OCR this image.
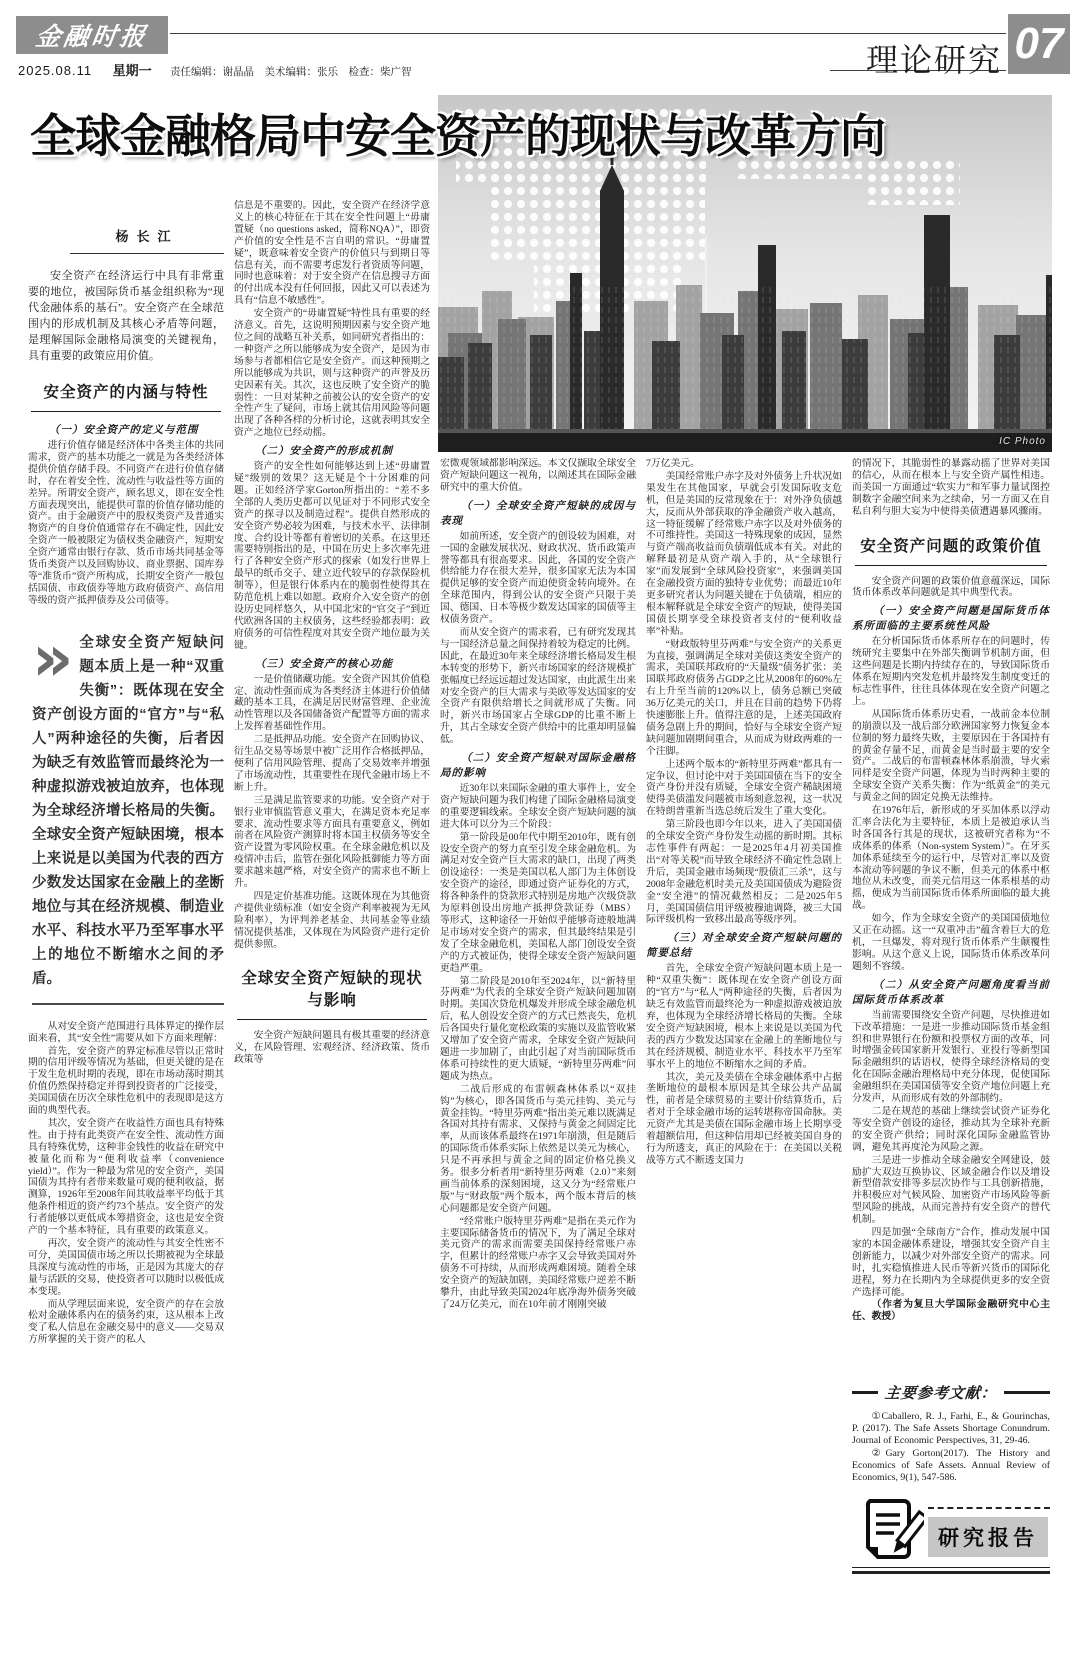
金融时报
理论研究 07
2025.08.11 星期一 责任编辑：谢晶晶　美术编辑：张乐　检查：柴广智
IC Photo
全球金融格局中安全资产的现状与改革方向
杨长江
安全资产在经济运行中具有非常重要的地位，被国际货币基金组织称为“现代金融体系的基石”。安全资产在全球范围内的形成机制及其核心矛盾等问题，是理解国际金融格局演变的关键视角，具有重要的政策应用价值。
安全资产的内涵与特性
（一）安全资产的定义与范围

进行价值存储是经济体中各类主体的共同需求，资产的基本功能之一就是为各类经济体提供价值存储手段。不同资产在进行价值存储时，存在着安全性、流动性与收益性等方面的差异。所谓安全资产，顾名思义，即在安全性方面表现突出，能提供可靠的价值存储功能的资产。由于金融资产中的股权类资产及普通实物资产的自身价值通常存在不确定性，因此安全资产一般被限定为债权类金融资产，短期安全资产通常由银行存款、货币市场共同基金等货币类资产以及回购协议、商业票据、国库券等“准货币”资产所构成，长期安全资产一般包括国债、市政债券等地方政府债资产、高信用等级的资产抵押债券及公司债等。

» 全球安全资产短缺问题本质上是一种“双重失衡”：既体现在安全资产创设方面的“官方”与“私人”两种途径的失衡，后者因为缺乏有效监管而最终沦为一种虚拟游戏被迫放弃，也体现为全球经济增长格局的失衡。全球安全资产短缺困境，根本上来说是以美国为代表的西方少数发达国家在金融上的垄断地位与其在经济规模、制造业水平、科技水平乃至军事水平上的地位不断缩水之间的矛盾。

从对安全资产范围进行具体界定的操作层面来看，其“安全性”需要从如下方面来理解：

首先，安全资产的界定标准尽管以正常时期的信用评级等情况为基础，但更关键的是在于发生危机时期的表现，即在市场动荡时期其价值仍然保持稳定并得到投资者的广泛接受，美国国债在历次全球性危机中的表现即是这方面的典型代表。

其次，安全资产在收益性方面也具有特殊性。由于持有此类资产在安全性、流动性方面具有特殊优势，这种非金钱性的收益在研究中被量化而称为“便利收益率（convenience yield）”。作为一种最为常见的安全资产，美国国债为其持有者带来数量可观的便利收益，据测算，1926年至2008年间其收益率平均低于其他条件相近的资产约73个基点。安全资产的发行者能够以更低成本筹措资金，这也是安全资产的一个基本特征，具有重要的政策意义。

再次，安全资产的流动性与其安全性密不可分，美国国债市场之所以长期被视为全球最具深度与流动性的市场，正是因为其庞大的存量与活跃的交易，使投资者可以随时以极低成本变现。

而从学理层面来说，安全资产的存在会放松对金融体系内在的债务约束，这从根本上改变了私人信息在金融交易中的意义——交易双方所掌握的关于资产的私人

信息是不重要的。因此，安全资产在经济学意义上的核心特征在于其在安全性问题上“毋庸置疑（no questions asked，简称NQA）”，即资产价值的安全性是不言自明的常识。“毋庸置疑”，既意味着安全资产的价值只与到期日等信息有关，而不需要考虑发行者资质等问题，同时也意味着：对于安全资产在信息搜寻方面的付出成本没有任何回报，因此又可以表述为具有“信息不敏感性”。

安全资产的“毋庸置疑”特性具有重要的经济意义。首先，这说明预期因素与安全资产地位之间的战略互补关系，如同研究者指出的：一种资产之所以能够成为安全资产，是因为市场参与者都相信它是安全资产。而这种预期之所以能够成为共识，则与这种资产的声誉及历史因素有关。其次，这也反映了安全资产的脆弱性：一旦对某种之前被公认的安全资产的安全性产生了疑问，市场上就其信用风险等问题出现了各种各样的分析讨论，这就表明其安全资产之地位已经动摇。

（二）安全资产的形成机制

资产的安全性如何能够达到上述“毋庸置疑”级别的效果？这无疑是个十分困难的问题。正如经济学家Gorton所指出的：“差不多全部的人类历史都可以见证对于不同形式安全资产的探寻以及制造过程”。提供自然形成的安全资产势必较为困难，与技术水平、法律制度、合约设计等都有着密切的关系。在这里还需要特别指出的是，中国在历史上多次率先进行了各种安全资产形式的探索（如发行世界上最早的纸币交子、建立近代较早的存款保险机制等），但是银行体系内在的脆弱性使得其在防范危机上难以如愿。政府介入安全资产的创设历史同样悠久，从中国北宋的“官交子”到近代欧洲各国的主权债务，这些经验都表明：政府债务的可信性程度对其安全资产地位最为关键。

（三）安全资产的核心功能

一是价值储藏功能。安全资产因其价值稳定、流动性强而成为各类经济主体进行价值储藏的基本工具，在满足居民财富管理、企业流动性管理以及各国储备资产配置等方面的需求上发挥着基础性作用。

二是抵押品功能。安全资产在回购协议、衍生品交易等场景中被广泛用作合格抵押品，便利了信用风险管理、提高了交易效率并增强了市场流动性，其重要性在现代金融市场上不断上升。

三是满足监管要求的功能。安全资产对于银行业审慎监管意义重大，在满足资本充足率要求、流动性要求等方面具有重要意义，例如前者在风险资产测算时将本国主权债务等安全资产设置为零风险权重。在全球金融危机以及疫情冲击后，监管在强化风险抵御能力等方面要求越来越严格，对安全资产的需求也不断上升。

四是定价基准功能。这既体现在为其他资产提供业绩标准（如安全资产利率被视为无风险利率），为评判养老基金、共同基金等业绩情况提供基准，又体现在为风险资产进行定价提供参照。

全球安全资产短缺的现状与影响

安全资产短缺问题具有极其重要的经济意义，在风险管理、宏观经济、经济政策、货币政策等

宏微观领域都影响深远。本文仅撷取全球安全资产短缺问题这一视角，以阐述其在国际金融研究中的重大价值。

（一）全球安全资产短缺的成因与表现

如前所述，安全资产的创设较为困难，对一国的金融发展状况、财政状况、货币政策声誉等都具有很高要求。因此，各国的安全资产供给能力存在很大差异，很多国家无法为本国提供足够的安全资产而迫使资金转向境外。在全球范围内，得到公认的安全资产只限于美国、德国、日本等极少数发达国家的国债等主权债务资产。

而从安全资产的需求看，已有研究发现其与一国经济总量之间保持着较为稳定的比例。因此，在最近30年来全球经济增长格局发生根本转变的形势下，新兴市场国家的经济规模扩张幅度已经远远超过发达国家，由此派生出来对安全资产的巨大需求与美欧等发达国家的安全资产有限供给增长之间就形成了失衡。同时，新兴市场国家占全球GDP的比重不断上升，其占全球安全资产供给中的比重却明显偏低。

（二）安全资产短缺对国际金融格局的影响

近30年以来国际金融的重大事件上，安全资产短缺问题为我们构建了国际金融格局演变的重要逻辑线索。全球安全资产短缺问题的演进大体可以分为三个阶段：

第一阶段是00年代中期至2010年，既有创设安全资产的努力直至引发全球金融危机。为满足对安全资产巨大需求的缺口，出现了两类创设途径：一类是美国以私人部门为主体创设安全资产的途径，即通过资产证券化的方式，将各种条件的贷款形式特别是房地产次级贷款为原料创设出房地产抵押贷款证券（MBS）等形式，这种途径一开始似乎能够奇迹般地满足市场对安全资产的需求，但其最终结果是引发了全球金融危机，美国私人部门创设安全资产的方式被证伪，使得全球安全资产短缺问题更趋严重。

第二阶段是2010年至2024年，以“新特里芬两难”为代表的全球安全资产短缺问题加剧时期。美国次贷危机爆发并形成全球金融危机后，私人创设安全资产的方式已然丧失，危机后各国央行量化宽松政策的实施以及监管收紧又增加了安全资产需求，全球安全资产短缺问题进一步加剧了，由此引起了对当前国际货币体系可持续性的更大质疑，“新特里芬两难”问题成为热点。

二战后形成的布雷顿森林体系以“双挂钩”为核心，即各国货币与美元挂钩、美元与黄金挂钩。“特里芬两难”指出美元难以既满足各国对其持有需求、又保持与黄金之间固定比率，从而该体系最终在1971年崩溃，但是随后的国际货币体系实际上依然是以美元为核心，只是不再承担与黄金之间的固定价格兑换义务。很多分析者用“新特里芬两难（2.0）”来刻画当前体系的深刻困境，这又分为“经常账户版”与“财政版”两个版本，两个版本背后的核心问题都是安全资产问题。

“经常账户版特里芬两难”是指在美元作为主要国际储备货币的情况下，为了满足全球对美元资产的需求而需要美国保持经常账户赤字，但累计的经常账户赤字又会导致美国对外债务不可持续，从而形成两难困境。随着全球安全资产的短缺加剧，美国经常账户逆差不断攀升，由此导致美国2024年底净海外债务突破了24万亿美元，而在10年前才刚刚突破

7万亿美元。

美国经常账户赤字及对外债务上升状况如果发生在其他国家，早就会引发国际收支危机，但是美国的反常现象在于：对外净负债越大，反而从外部获取的净金融资产收入越高，这一特征缓解了经常账户赤字以及对外债务的不可维持性。美国这一特殊现象的成因，显然与资产端高收益而负债端低成本有关。对此的解释最初是从资产端入手的，从“全球银行家”而发展到“全球风险投资家”，来强调美国在金融投资方面的独特专业优势；而最近10年更多研究者认为问题关键在于负债端，相应的根本解释就是全球安全资产的短缺，使得美国国债长期享受全球投资者支付的“便利收益率”补贴。

“财政版特里芬两难”与安全资产的关系更为直接，强调满足全球对美债这类安全资产的需求，美国联邦政府的“天量级”债务扩张：美国联邦政府债务占GDP之比从2008年的60%左右上升至当前的120%以上，债务总额已突破36万亿美元的关口，并且在目前的趋势下仍将快速膨胀上升。值得注意的是，上述美国政府债务急剧上升的期间，恰好与全球安全资产短缺问题加剧期间重合，从而成为财政两难的一个注脚。

上述两个版本的“新特里芬两难”都具有一定争议，但讨论中对于美国国债在当下的安全资产身份并没有质疑，全球安全资产稀缺困境使得美债滥发问题被市场刻意忽视，这一状况在特朗普重新当选总统后发生了重大变化。

第三阶段也即今年以来，进入了美国国债的全球安全资产身份发生动摇的新时期。其标志性事件有两起：一是2025年4月初美国推出“对等关税”而导致全球经济不确定性急剧上升后，美国金融市场频现“股债汇三杀”，这与2008年金融危机时美元及美国国债成为避险资金“安全港”的情况截然相反；二是2025年5月，美国国债信用评级被穆迪调降，被三大国际评级机构一致移出最高等级序列。

（三）对全球安全资产短缺问题的简要总结

首先，全球安全资产短缺问题本质上是一种“双重失衡”：既体现在安全资产创设方面的“官方”与“私人”两种途径的失衡，后者因为缺乏有效监管而最终沦为一种虚拟游戏被迫放弃，也体现为全球经济增长格局的失衡。全球安全资产短缺困境，根本上来说是以美国为代表的西方少数发达国家在金融上的垄断地位与其在经济规模、制造业水平、科技水平乃至军事水平上的地位不断缩水之间的矛盾。

其次，美元及美债在全球金融体系中占据垄断地位的最根本原因是其全球公共产品属性，前者是全球贸易的主要计价结算货币，后者对于全球金融市场的运转堪称帝国命脉。美元资产尤其是美债在国际金融市场上长期享受着超额信用，但这种信用却已经被美国自身的行为所透支，真正的风险在于：在美国以关税战等方式不断透支国力

的情况下，其脆弱性的暴露动摇了世界对美国的信心，从而在根本上与安全资产属性相违。而美国一方面通过“软实力”和军事力量试图控制数字金融空间来为之续命，另一方面又在自私自利与胆大妄为中使得美债遭遇暴风骤雨。

安全资产问题的政策价值

安全资产问题的政策价值意蕴深远，国际货币体系改革问题就是其中典型代表。

（一）安全资产问题是国际货币体系所面临的主要系统性风险

在分析国际货币体系所存在的问题时，传统研究主要集中在外部失衡调节机制方面，但这些问题是长期内持续存在的，导致国际货币体系在短期内突发危机并最终发生制度变迁的标志性事件，往往具体体现在安全资产问题之上。

从国际货币体系历史看，一战前金本位制的崩溃以及一战后部分欧洲国家努力恢复金本位制的努力最终失败，主要原因在于各国持有的黄金存量不足，而黄金是当时最主要的安全资产。二战后的布雷顿森林体系崩溃，导火索同样是安全资产问题，体现为当时两种主要的全球安全资产关系失衡：作为“纸黄金”的美元与黄金之间的固定兑换无法维持。

在1976年后，新形成的牙买加体系以浮动汇率合法化为主要特征，本质上是被迫承认当时各国各行其是的现状，这被研究者称为“不成体系的体系（Non-system System）”。在牙买加体系延续至今的运行中，尽管对汇率以及资本流动等问题的争议不断，但美元的体系中枢地位从未改变，而美元信用这一体系根基的动摇，便成为当前国际货币体系所面临的最大挑战。

如今，作为全球安全资产的美国国债地位又正在动摇。这一“双重冲击”蕴含着巨大的危机，一旦爆发，将对现行货币体系产生颠覆性影响。从这个意义上说，国际货币体系改革问题刻不容缓。

（二）从安全资产问题角度看当前国际货币体系改革

当前需要围绕安全资产问题，尽快推进如下改革措施：一是进一步推动国际货币基金组织和世界银行在份额和投票权方面的改革，同时增强金砖国家新开发银行、亚投行等新型国际金融组织的话语权，使得全球经济格局的变化在国际金融治理格局中充分体现，促使国际金融组织在美国国债等安全资产地位问题上充分发声，从而形成有效的外部制约。

二是在规范的基础上继续尝试资产证券化等安全资产创设的途径，推动其为全球补充新的安全资产供给；同时深化国际金融监管协调，避免其再度沦为风险之源。

三是进一步推动全球金融安全网建设，鼓励扩大双边互换协议、区域金融合作以及增设新型借款安排等多层次协作与工具创新措施，并积极应对气候风险、加密资产市场风险等新型风险的挑战，从而完善持有安全资产的替代机制。

四是加强“全球南方”合作，推动发展中国家的本国金融体系建设，增强其安全资产自主创新能力，以减少对外部安全资产的需求。同时，扎实稳慎推进人民币等新兴货币的国际化进程，努力在长期内为全球提供更多的安全资产选择可能。

（作者为复旦大学国际金融研究中心主任、教授）

主要参考文献：

①Caballero, R. J., Farhi, E., & Gourinchas, P. (2017). The Safe Assets Shortage Conundrum. Journal of Economic Perspectives, 31, 29-46.

②Gary Gorton(2017). The History and Economics of Safe Assets. Annual Review of Economics, 9(1), 547-586.

研究报告
